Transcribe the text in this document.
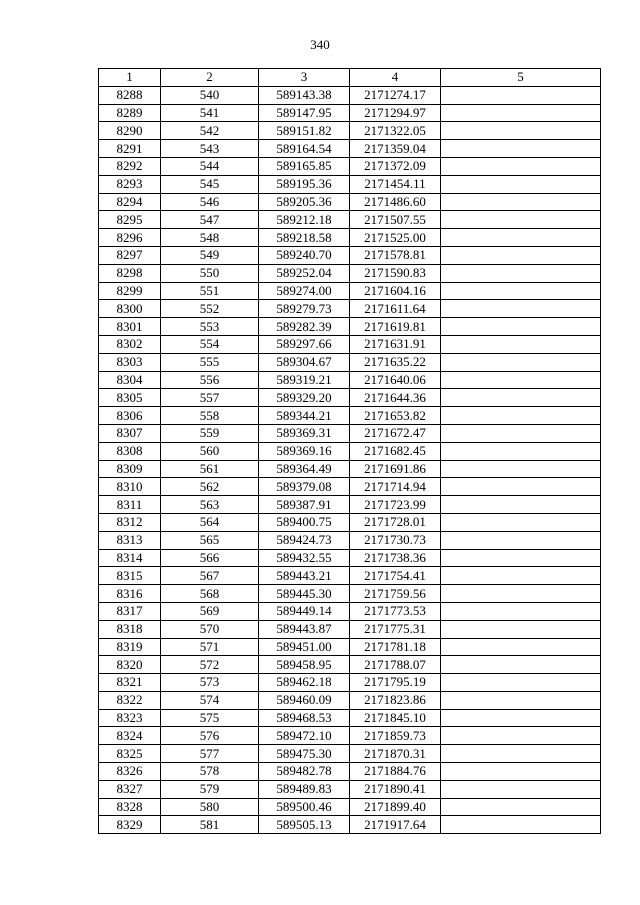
340
1	2	3	4	5
8288	540	589143.38	2171274.17	
8289	541	589147.95	2171294.97	
8290	542	589151.82	2171322.05	
8291	543	589164.54	2171359.04	
8292	544	589165.85	2171372.09	
8293	545	589195.36	2171454.11	
8294	546	589205.36	2171486.60	
8295	547	589212.18	2171507.55	
8296	548	589218.58	2171525.00	
8297	549	589240.70	2171578.81	
8298	550	589252.04	2171590.83	
8299	551	589274.00	2171604.16	
8300	552	589279.73	2171611.64	
8301	553	589282.39	2171619.81	
8302	554	589297.66	2171631.91	
8303	555	589304.67	2171635.22	
8304	556	589319.21	2171640.06	
8305	557	589329.20	2171644.36	
8306	558	589344.21	2171653.82	
8307	559	589369.31	2171672.47	
8308	560	589369.16	2171682.45	
8309	561	589364.49	2171691.86	
8310	562	589379.08	2171714.94	
8311	563	589387.91	2171723.99	
8312	564	589400.75	2171728.01	
8313	565	589424.73	2171730.73	
8314	566	589432.55	2171738.36	
8315	567	589443.21	2171754.41	
8316	568	589445.30	2171759.56	
8317	569	589449.14	2171773.53	
8318	570	589443.87	2171775.31	
8319	571	589451.00	2171781.18	
8320	572	589458.95	2171788.07	
8321	573	589462.18	2171795.19	
8322	574	589460.09	2171823.86	
8323	575	589468.53	2171845.10	
8324	576	589472.10	2171859.73	
8325	577	589475.30	2171870.31	
8326	578	589482.78	2171884.76	
8327	579	589489.83	2171890.41	
8328	580	589500.46	2171899.40	
8329	581	589505.13	2171917.64	
